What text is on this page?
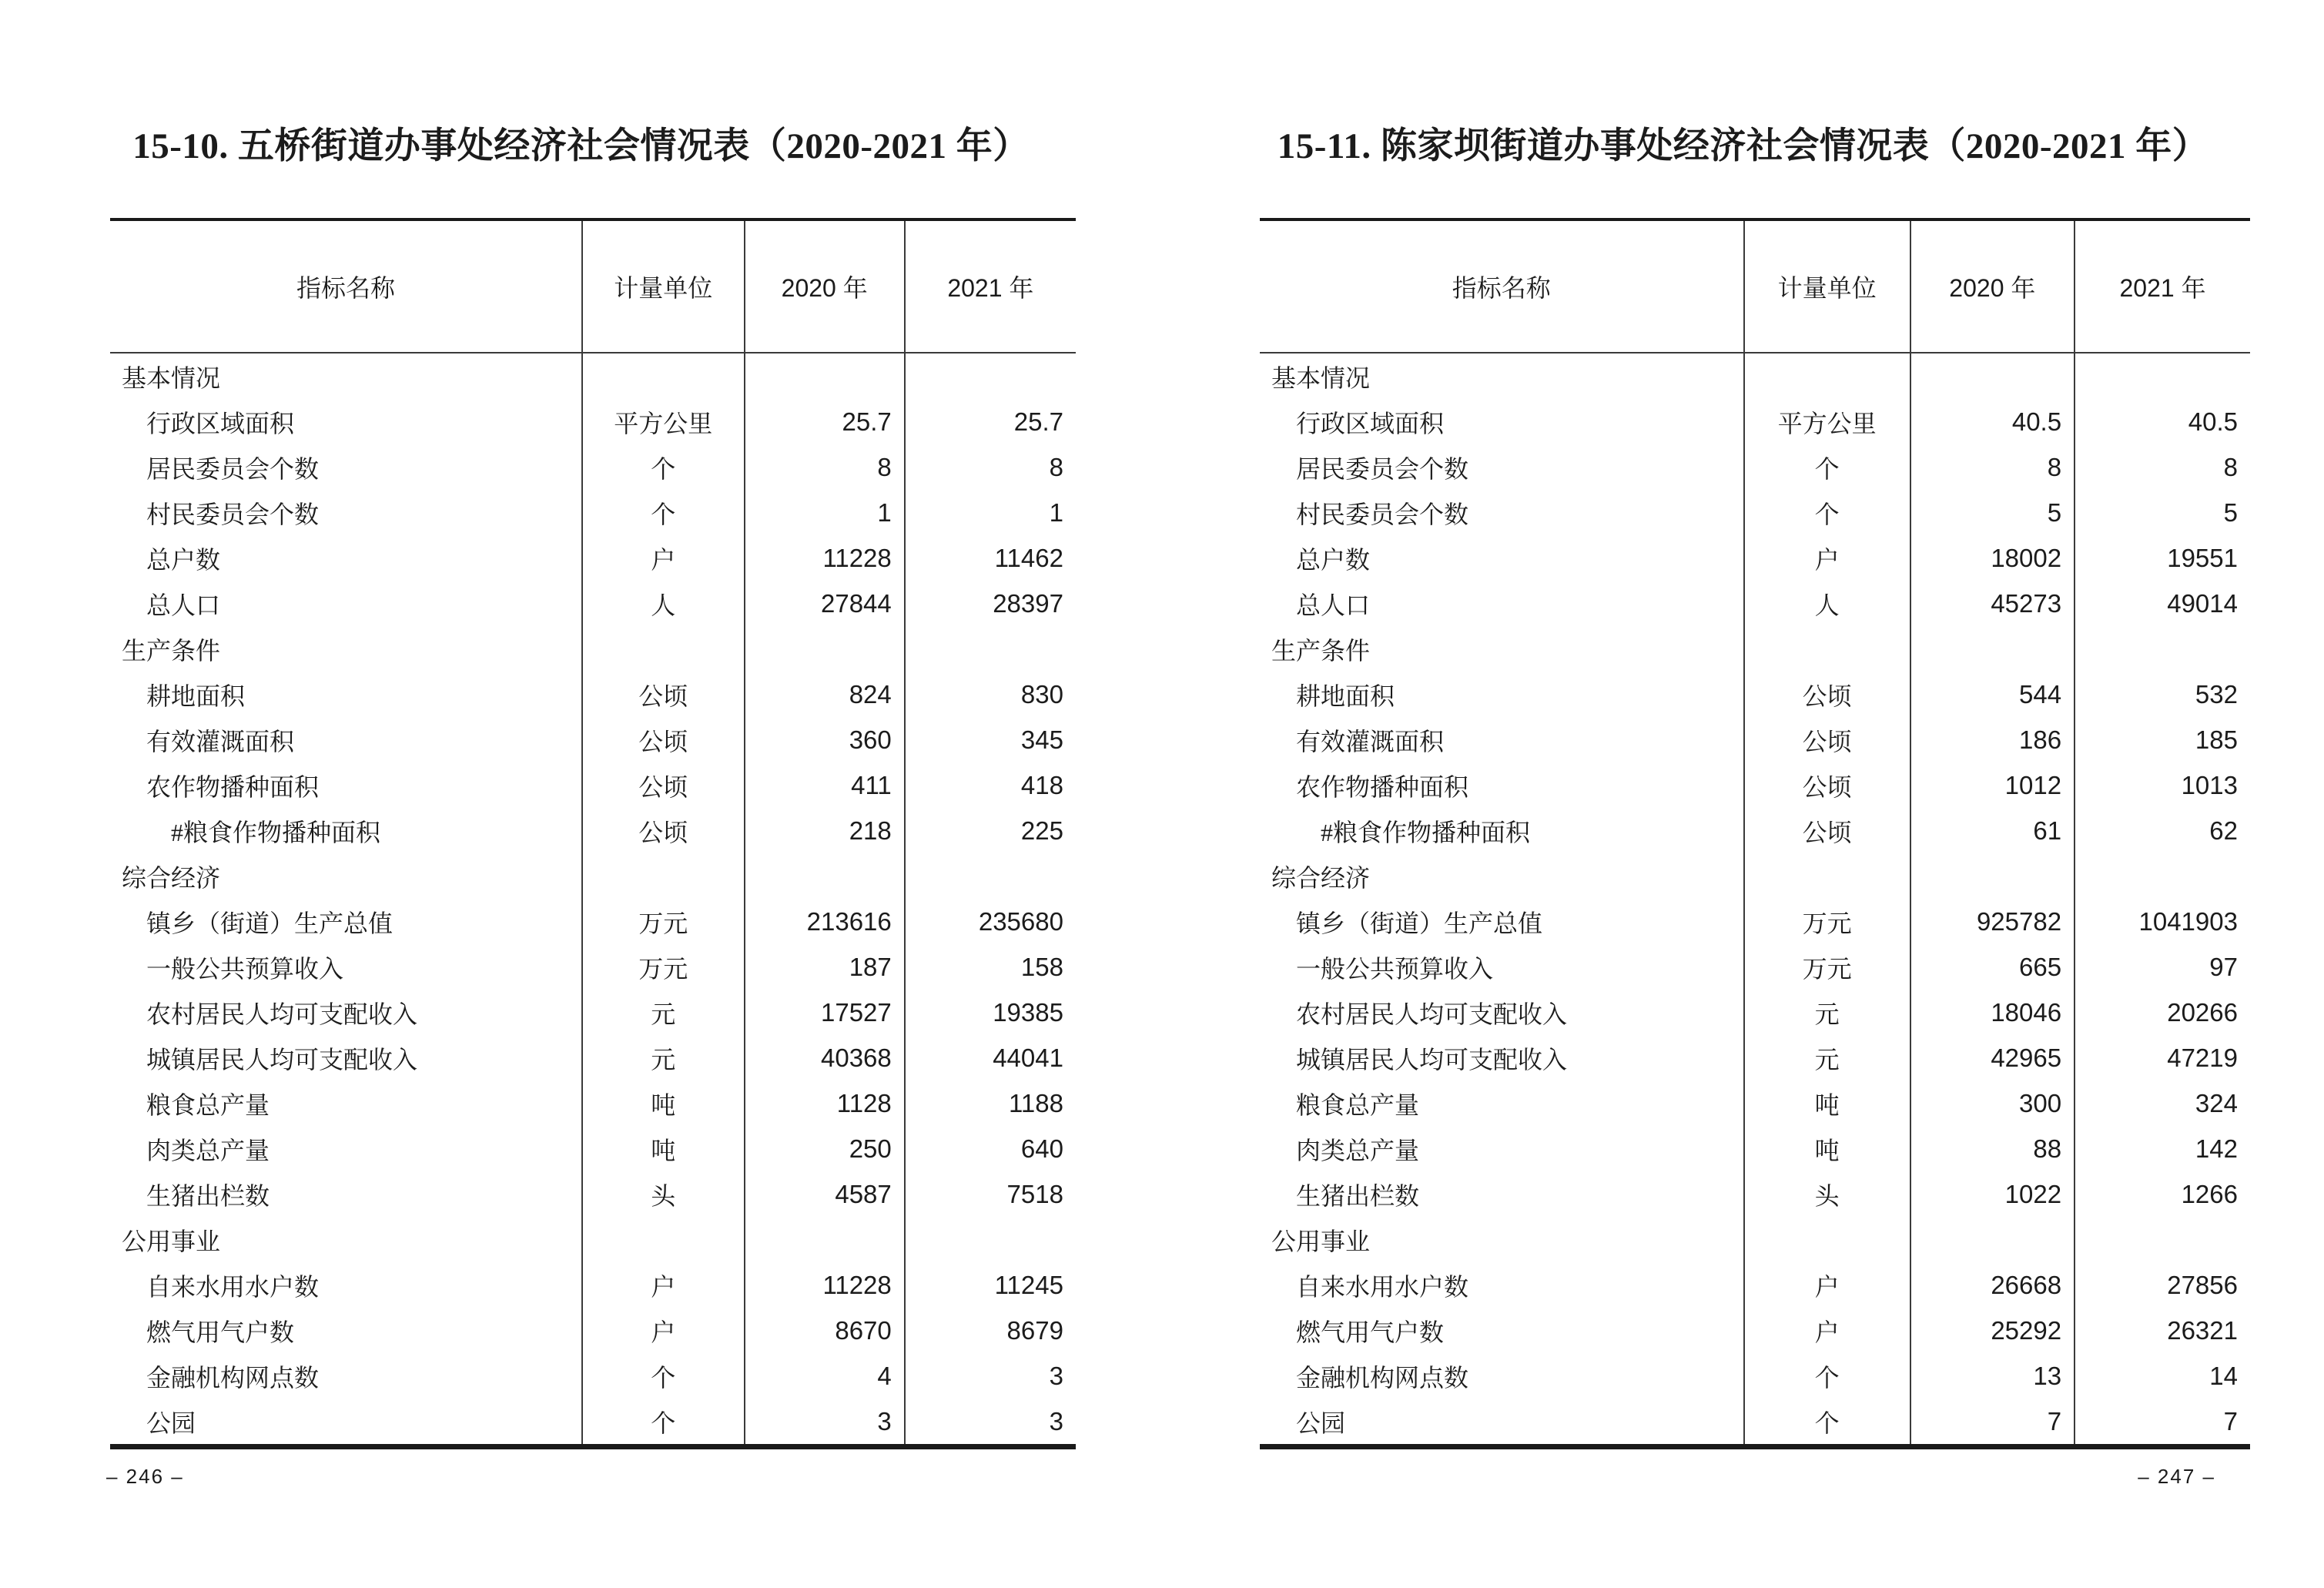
15-10. 五桥街道办事处经济社会情况表（2020-2021 年）
指标名称	计量单位	2020 年	2021 年
基本情况
行政区域面积	平方公里	25.7	25.7
居民委员会个数	个	8	8
村民委员会个数	个	1	1
总户数	户	11228	11462
总人口	人	27844	28397
生产条件
耕地面积	公顷	824	830
有效灌溉面积	公顷	360	345
农作物播种面积	公顷	411	418
#粮食作物播种面积	公顷	218	225
综合经济
镇乡（街道）生产总值	万元	213616	235680
一般公共预算收入	万元	187	158
农村居民人均可支配收入	元	17527	19385
城镇居民人均可支配收入	元	40368	44041
粮食总产量	吨	1128	1188
肉类总产量	吨	250	640
生猪出栏数	头	4587	7518
公用事业
自来水用水户数	户	11228	11245
燃气用气户数	户	8670	8679
金融机构网点数	个	4	3
公园	个	3	3
– 246 –
15-11. 陈家坝街道办事处经济社会情况表（2020-2021 年）
指标名称	计量单位	2020 年	2021 年
基本情况
行政区域面积	平方公里	40.5	40.5
居民委员会个数	个	8	8
村民委员会个数	个	5	5
总户数	户	18002	19551
总人口	人	45273	49014
生产条件
耕地面积	公顷	544	532
有效灌溉面积	公顷	186	185
农作物播种面积	公顷	1012	1013
#粮食作物播种面积	公顷	61	62
综合经济
镇乡（街道）生产总值	万元	925782	1041903
一般公共预算收入	万元	665	97
农村居民人均可支配收入	元	18046	20266
城镇居民人均可支配收入	元	42965	47219
粮食总产量	吨	300	324
肉类总产量	吨	88	142
生猪出栏数	头	1022	1266
公用事业
自来水用水户数	户	26668	27856
燃气用气户数	户	25292	26321
金融机构网点数	个	13	14
公园	个	7	7
– 247 –
